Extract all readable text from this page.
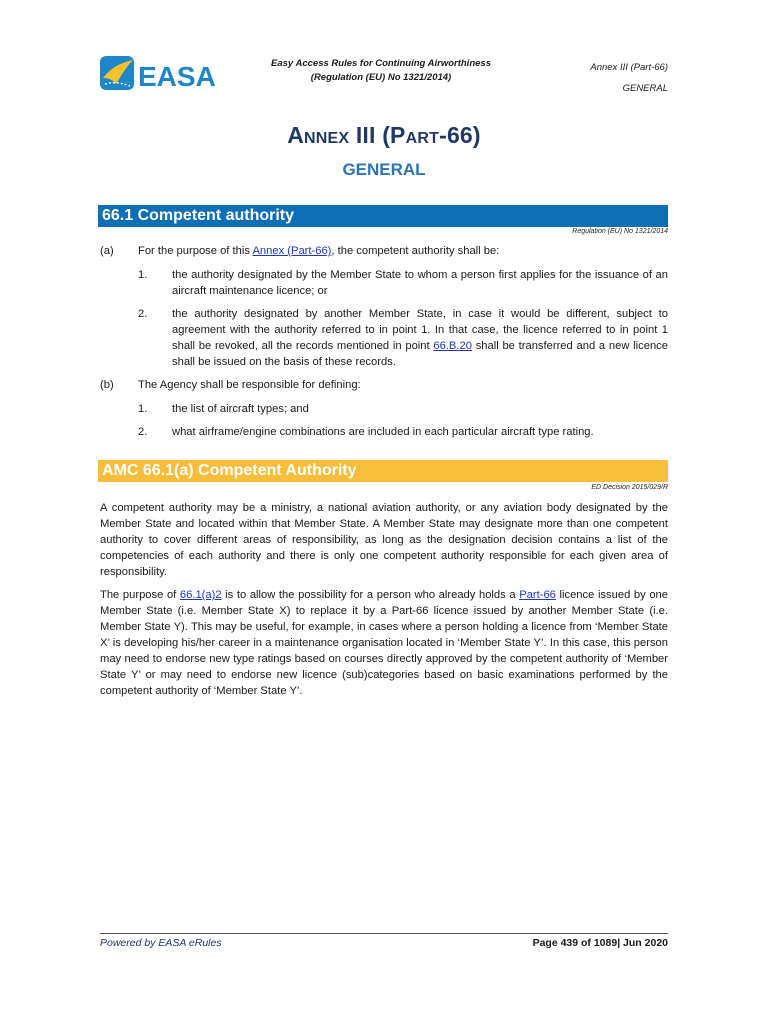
EASA	Easy Access Rules for Continuing Airworthiness
(Regulation (EU) No 1321/2014)
Annex III (Part-66)
GENERAL
Annex III (Part-66)
GENERAL
66.1 Competent authority
Regulation (EU) No 1321/2014
(a) For the purpose of this Annex (Part-66), the competent authority shall be:
1. the authority designated by the Member State to whom a person first applies for the issuance of an aircraft maintenance licence; or
2. the authority designated by another Member State, in case it would be different, subject to agreement with the authority referred to in point 1. In that case, the licence referred to in point 1 shall be revoked, all the records mentioned in point 66.B.20 shall be transferred and a new licence shall be issued on the basis of these records.
(b) The Agency shall be responsible for defining:
1. the list of aircraft types; and
2. what airframe/engine combinations are included in each particular aircraft type rating.
AMC 66.1(a) Competent Authority
ED Decision 2015/029/R
A competent authority may be a ministry, a national aviation authority, or any aviation body designated by the Member State and located within that Member State. A Member State may designate more than one competent authority to cover different areas of responsibility, as long as the designation decision contains a list of the competencies of each authority and there is only one competent authority responsible for each given area of responsibility.
The purpose of 66.1(a)2 is to allow the possibility for a person who already holds a Part-66 licence issued by one Member State (i.e. Member State X) to replace it by a Part-66 licence issued by another Member State (i.e. Member State Y). This may be useful, for example, in cases where a person holding a licence from ‘Member State X’ is developing his/her career in a maintenance organisation located in ‘Member State Y’. In this case, this person may need to endorse new type ratings based on courses directly approved by the competent authority of ‘Member State Y’ or may need to endorse new licence (sub)categories based on basic examinations performed by the competent authority of ‘Member State Y’.
Powered by EASA eRules	Page 439 of 1089| Jun 2020
